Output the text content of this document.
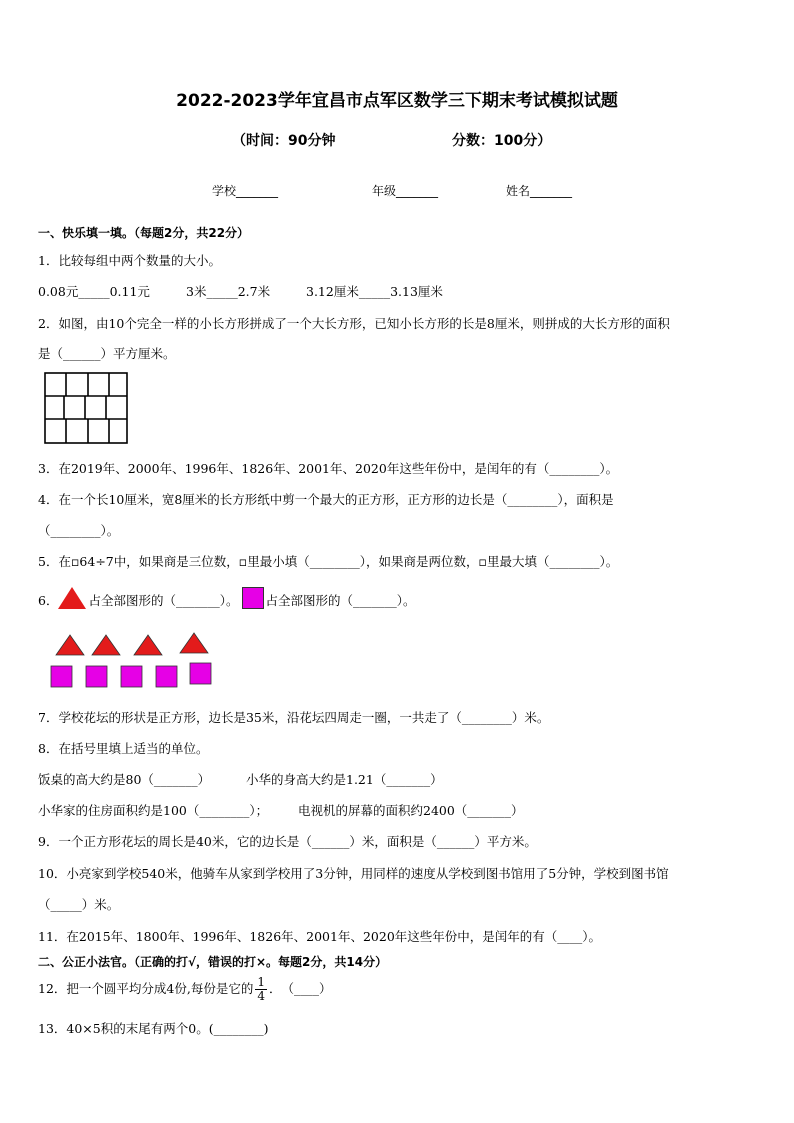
2022-2023学年宜昌市点军区数学三下期末考试模拟试题
（时间：90分钟	分数：100分）
学校_______	年级_______	姓名_______
一、快乐填一填。（每题2分，共22分）
1．比较每组中两个数量的大小。
0.08元_____0.11元	3米_____2.7米	3.12厘米_____3.13厘米
2．如图，由10个完全一样的小长方形拼成了一个大长方形，已知小长方形的长是8厘米，则拼成的大长方形的面积
是（______）平方厘米。
3．在2019年、2000年、1996年、1826年、2001年、2020年这些年份中，是闰年的有（________）。
4．在一个长10厘米，宽8厘米的长方形纸中剪一个最大的正方形，正方形的边长是（________），面积是
（________）。
5．在▫64÷7中，如果商是三位数，▫里最小填（________），如果商是两位数，▫里最大填（________）。
6． 占全部图形的（_______）。 占全部图形的（_______）。
7．学校花坛的形状是正方形，边长是35米，沿花坛四周走一圈，一共走了（________）米。
8．在括号里填上适当的单位。
饭桌的高大约是80（_______）	小华的身高大约是1.21（_______）
小华家的住房面积约是100（________）； 电视机的屏幕的面积约2400（_______）
9．一个正方形花坛的周长是40米，它的边长是（______）米，面积是（______）平方米。
10．小亮家到学校540米，他骑车从家到学校用了3分钟，用同样的速度从学校到图书馆用了5分钟，学校到图书馆
（_____）米。
11．在2015年、1800年、1996年、1826年、2001年、2020年这些年份中，是闰年的有（____）。
二、公正小法官。（正确的打√，错误的打×。每题2分，共14分）
12．把一个圆平均分成4份,每份是它的 $\frac{1}{4}$ ．　（____）
13．40×5积的末尾有两个0。(________)
